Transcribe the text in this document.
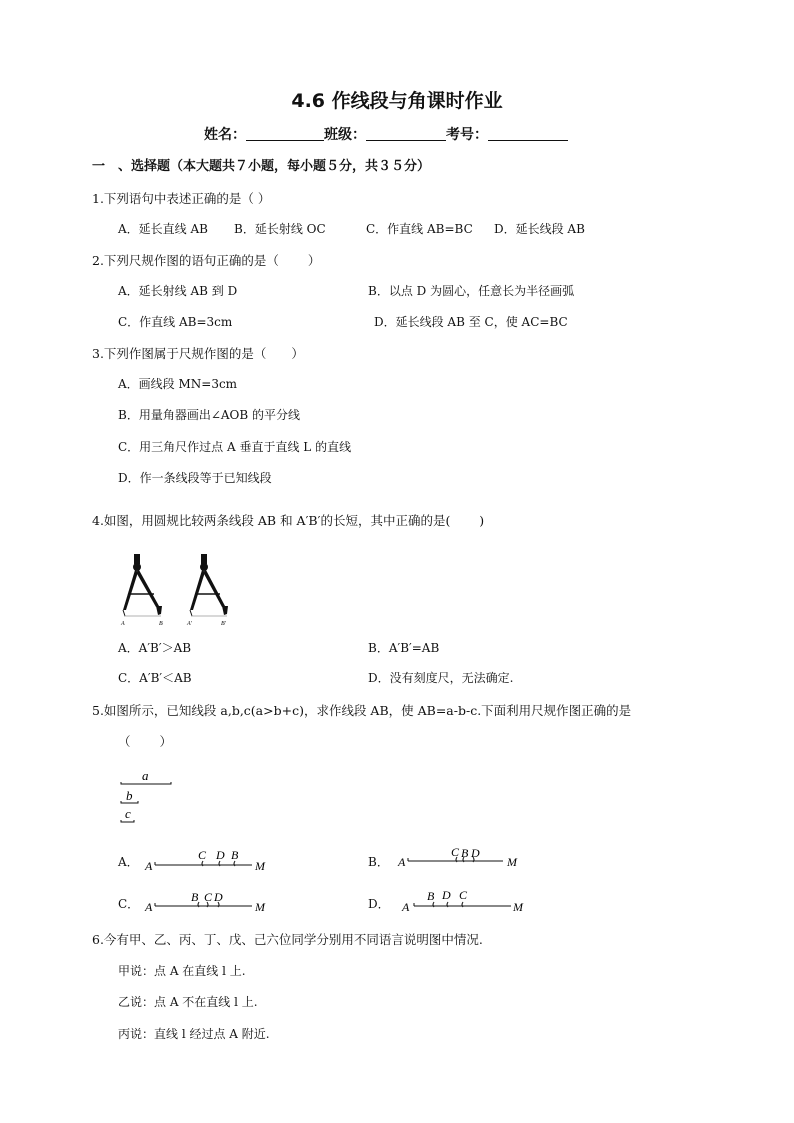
4.6 作线段与角课时作业
姓名：	班级：	考号：
一　、选择题（本大题共７小题，每小题５分，共３５分）
1.下列语句中表述正确的是（ ）
A．延长直线 AB B．延长射线 OC	C．作直线 AB=BC D．延长线段 AB
2.下列尺规作图的语句正确的是（　　 ）
A．延长射线 AB 到 D	B．以点 D 为圆心，任意长为半径画弧
C．作直线 AB=3cm	D．延长线段 AB 至 C，使 AC=BC
3.下列作图属于尺规作图的是（　　）
A．画线段 MN=3cm
B．用量角器画出∠AOB 的平分线
C．用三角尺作过点 A 垂直于直线 L 的直线
D．作一条线段等于已知线段
4.如图，用圆规比较两条线段 AB 和 A′B′的长短，其中正确的是(　　 )
A	B	A'	B'
A．A′B′＞AB	B．A′B′=AB
C．A′B′＜AB	D．没有刻度尺，无法确定.
5.如图所示，已知线段 a,b,c(a>b+c)，求作线段 AB，使 AB=a-b-c.下面利用尺规作图正确的是
（　　 ）
a
b
c
A． A
C D B
M	B． A
C B D
M
C． A
B C D
M	D． A
B D C
M
6.今有甲、乙、丙、丁、戊、己六位同学分别用不同语言说明图中情况.
甲说：点 A 在直线 l 上.
乙说：点 A 不在直线 l 上.
丙说：直线 l 经过点 A 附近.
